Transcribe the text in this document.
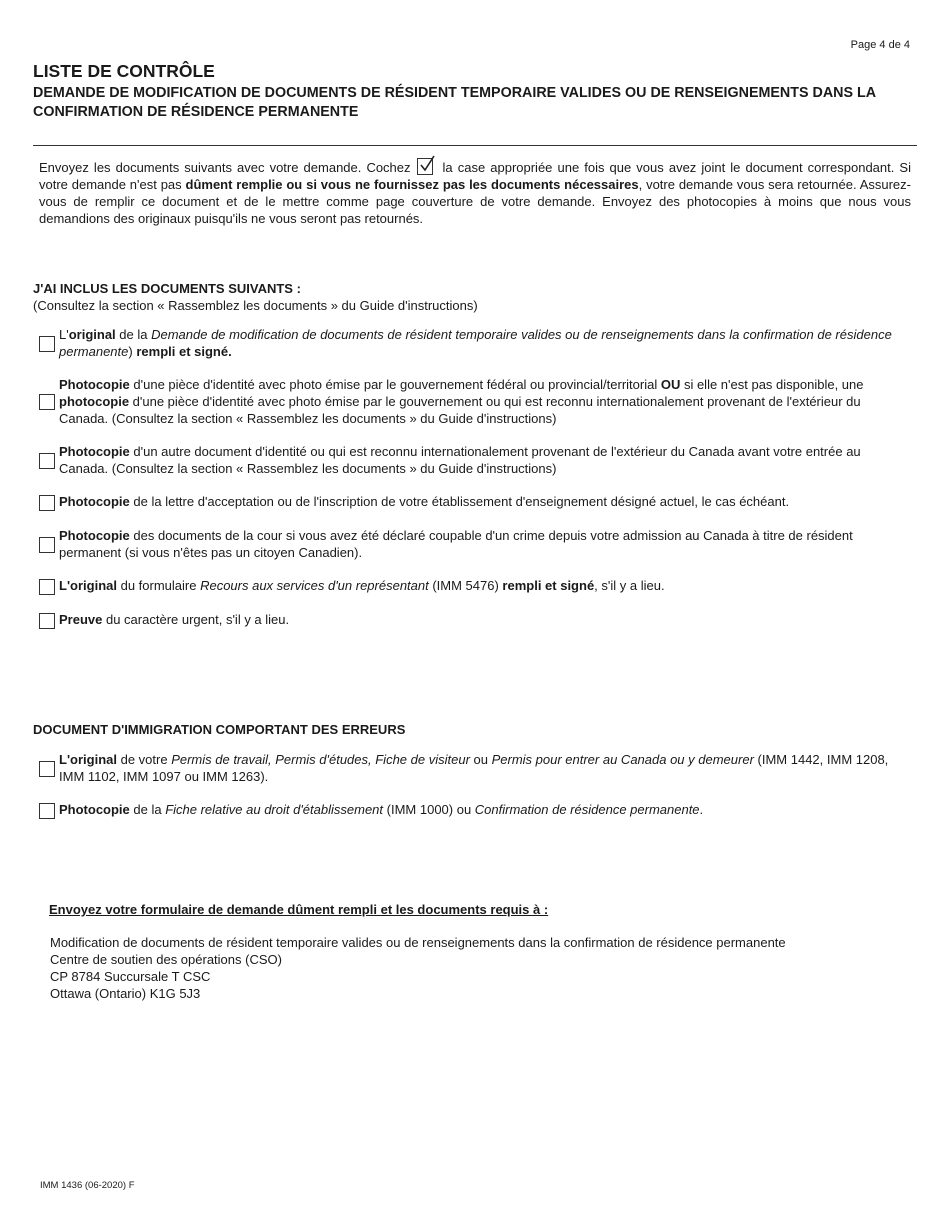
Page 4 de 4
LISTE DE CONTRÔLE
DEMANDE DE MODIFICATION DE DOCUMENTS DE RÉSIDENT TEMPORAIRE VALIDES OU DE RENSEIGNEMENTS DANS LA CONFIRMATION DE RÉSIDENCE PERMANENTE

Envoyez les documents suivants avec votre demande. Cochez la case appropriée une fois que vous avez joint le document correspondant. Si votre demande n'est pas dûment remplie ou si vous ne fournissez pas les documents nécessaires, votre demande vous sera retournée. Assurez-vous de remplir ce document et de le mettre comme page couverture de votre demande. Envoyez des photocopies à moins que nous vous demandions des originaux puisqu'ils ne vous seront pas retournés.

J'AI INCLUS LES DOCUMENTS SUIVANTS :
(Consultez la section « Rassemblez les documents » du Guide d'instructions)
L'original de la Demande de modification de documents de résident temporaire valides ou de renseignements dans la confirmation de résidence permanente) rempli et signé.
Photocopie d'une pièce d'identité avec photo émise par le gouvernement fédéral ou provincial/territorial OU si elle n'est pas disponible, une photocopie d'une pièce d'identité avec photo émise par le gouvernement ou qui est reconnu internationalement provenant de l'extérieur du Canada. (Consultez la section « Rassemblez les documents » du Guide d'instructions)
Photocopie d'un autre document d'identité ou qui est reconnu internationalement provenant de l'extérieur du Canada avant votre entrée au Canada. (Consultez la section « Rassemblez les documents » du Guide d'instructions)
Photocopie de la lettre d'acceptation ou de l'inscription de votre établissement d'enseignement désigné actuel, le cas échéant.
Photocopie des documents de la cour si vous avez été déclaré coupable d'un crime depuis votre admission au Canada à titre de résident permanent (si vous n'êtes pas un citoyen Canadien).
L'original du formulaire Recours aux services d'un représentant (IMM 5476) rempli et signé, s'il y a lieu.
Preuve du caractère urgent, s'il y a lieu.
DOCUMENT D'IMMIGRATION COMPORTANT DES ERREURS
L'original de votre Permis de travail, Permis d'études, Fiche de visiteur ou Permis pour entrer au Canada ou y demeurer (IMM 1442, IMM 1208, IMM 1102, IMM 1097 ou IMM 1263).
Photocopie de la Fiche relative au droit d'établissement (IMM 1000) ou Confirmation de résidence permanente.
Envoyez votre formulaire de demande dûment rempli et les documents requis à :
Modification de documents de résident temporaire valides ou de renseignements dans la confirmation de résidence permanente
Centre de soutien des opérations (CSO)
CP 8784 Succursale T CSC
Ottawa (Ontario) K1G 5J3
IMM 1436 (06-2020) F
